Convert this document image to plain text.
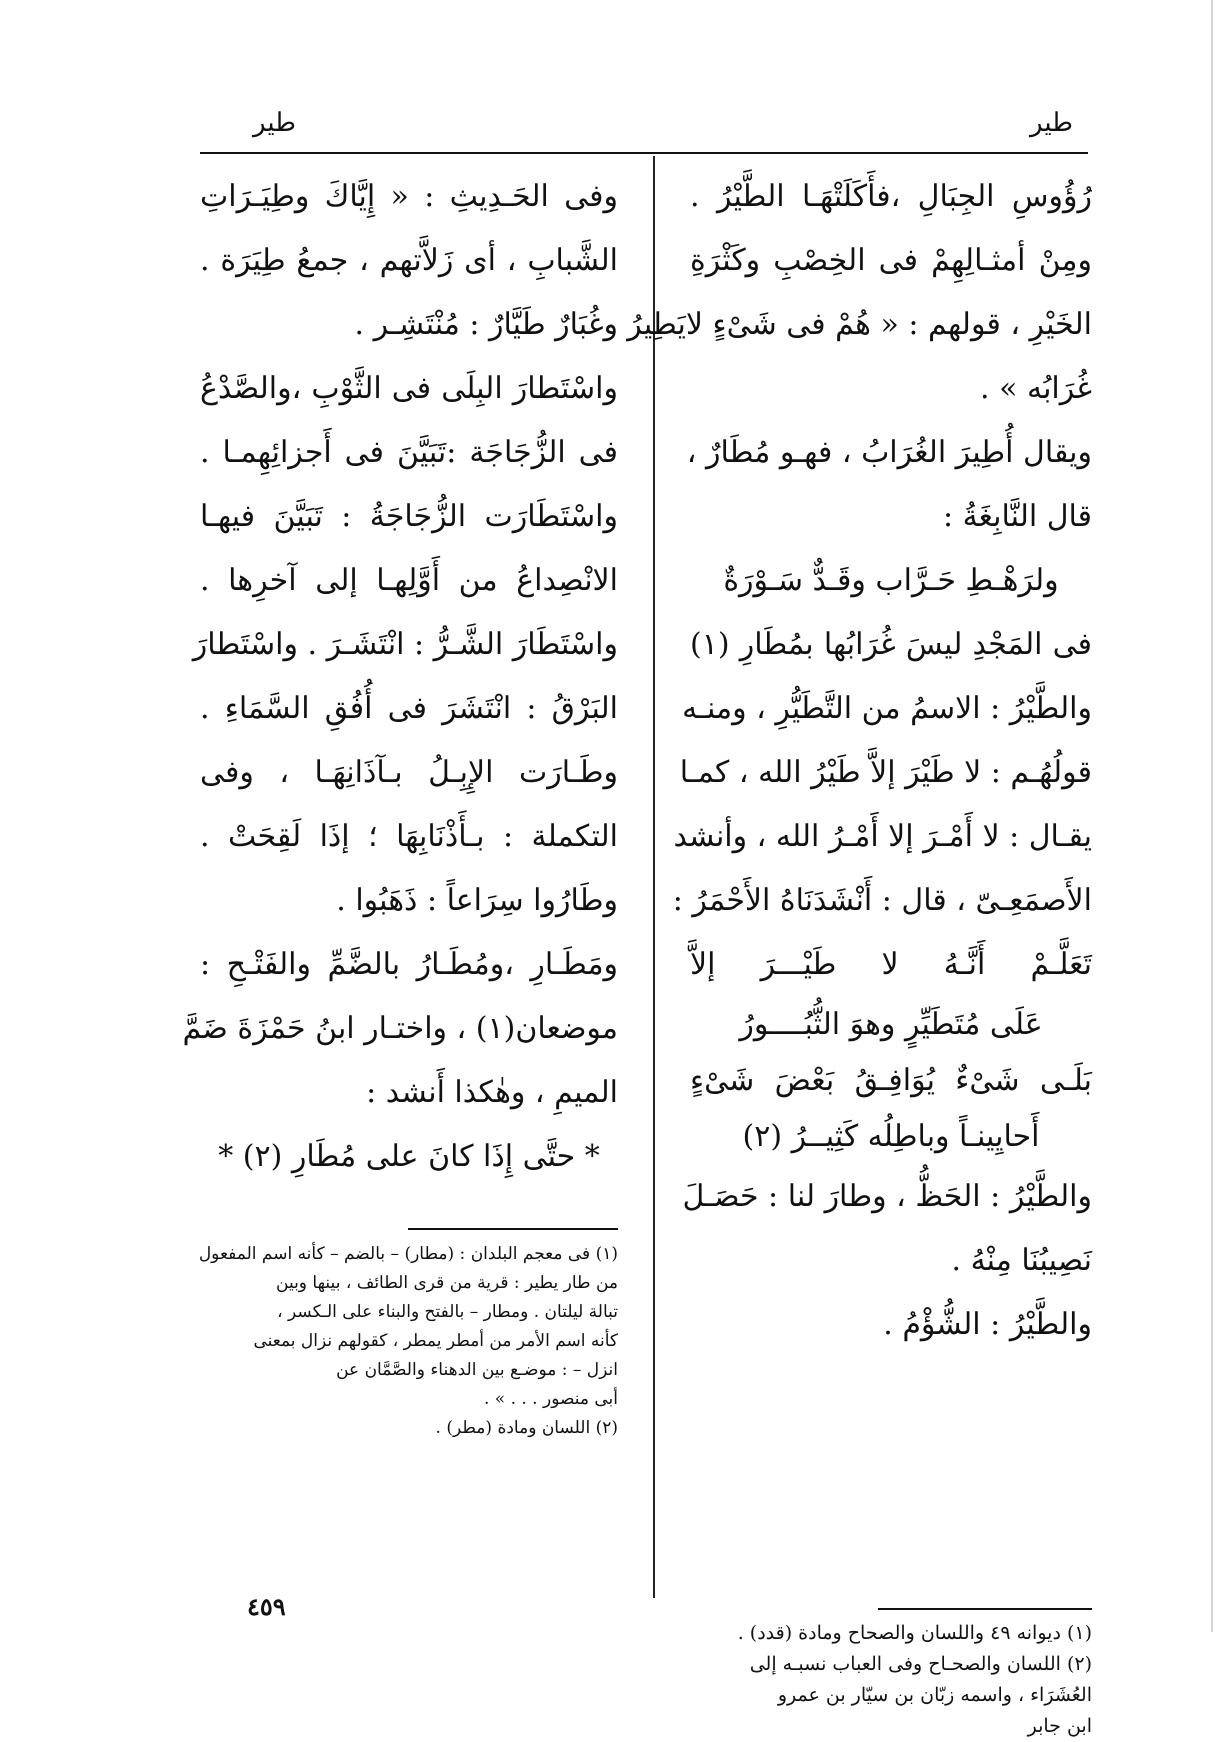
طير
طير
رُؤُوسِ الجِبَالِ ،فأَكَلَتْهَـا الطَّيْرُ .
ومِنْ أمثـالِهِمْ فى الخِصْبِ وكَثْرَةِ
الخَيْرِ ، قولهم : « هُمْ فى شَىْءٍ لايَطِيرُ
غُرَابُه » .
ويقال أُطِيرَ الغُرَابُ ، فهـو مُطَارٌ ،
قال النَّابِغَةُ :
ولرَهْـطِ حَـرَّاب وقَـدٌّ سَـوْرَةٌ
فى المَجْدِ ليسَ غُرَابُها بمُطَارِ (١)
والطَّيْرُ : الاسمُ من التَّطَيُّرِ ، ومنـه
قولُهُـم : لا طَيْرَ إلاَّ طَيْرُ الله ، كمـا
يقـال : لا أَمْـرَ إلا أَمْـرُ الله ، وأنشد
الأَصمَعِـىّ ، قال : أَنْشَدَنَاهُ الأَحْمَرُ :
تَعَلَّـمْ أَنَّـهُ لا طَيْـــرَ إلاَّ
عَلَى مُتَطَيِّرٍ وهوَ الثُّبُــــورُ
بَلَـى شَىْءٌ يُوَافِـقُ بَعْضَ شَىْءٍ
أَحايِينـاً وباطِلُه كَثِيــرُ (٢)
والطَّيْرُ : الحَظُّ ، وطارَ لنا : حَصَـلَ
نَصِيبُنَا مِنْهُ .
والطَّيْرُ : الشُّؤْمُ .
وفى الحَـدِيثِ : « إِيَّاكَ وطِيَـرَاتِ
الشَّبابِ ، أى زَلاَّتهم ، جمعُ طِيَرَة .
وغُبَارٌ طَيَّارٌ : مُنْتَشِـر .
واسْتَطارَ البِلَى فى الثَّوْبِ ،والصَّدْعُ
فى الزُّجَاجَة :تَبَيَّنَ فى أَجزائِهِمـا .
واسْتَطَارَت الزُّجَاجَةُ : تَبَيَّنَ فيهـا
الانْصِداعُ من أَوَّلِهـا إلى آخرِها .
واسْتَطَارَ الشَّـرُّ : انْتَشَـرَ . واسْتَطارَ
البَرْقُ : انْتَشَرَ فى أُفُقِ السَّمَاءِ .
وطَـارَت الإِبِـلُ بـآذَانِهَـا ، وفى
التكملة : بـأَذْنَابِهَا ؛ إذَا لَقِحَتْ .
وطَارُوا سِرَاعاً : ذَهَبُوا .
ومَطَـارِ ،ومُطَـارُ بالضَّمِّ والفَتْـحِ :
موضعان(١) ، واختـار ابنُ حَمْزَةَ ضَمَّ
الميمِ ، وهٰكذا أَنشد :
* حتَّى إِذَا كانَ على مُطَارِ (٢) *
(١) ديوانه ٤٩ واللسان والصحاح ومادة (قدد) .
(٢) اللسان والصحـاح وفى العباب نسبـه إلى
العُشَرَاء ، واسمه زبّان بن سيّار بن عمرو
ابن جابر
(١) فى معجم البلدان : (مطار) – بالضم – كأنه اسم المفعول
من طار يطير : قرية من قرى الطائف ، بينها وبين
تبالة ليلتان . ومطار – بالفتح والبناء على الـكسر ،
كأنه اسم الأمر من أمطر يمطر ، كقولهم نزال بمعنى
انزل – : موضـع بين الدهناء والصَّمَّان عن
أبى منصور . . . » .
(٢) اللسان ومادة (مطر) .
٤٥٩
